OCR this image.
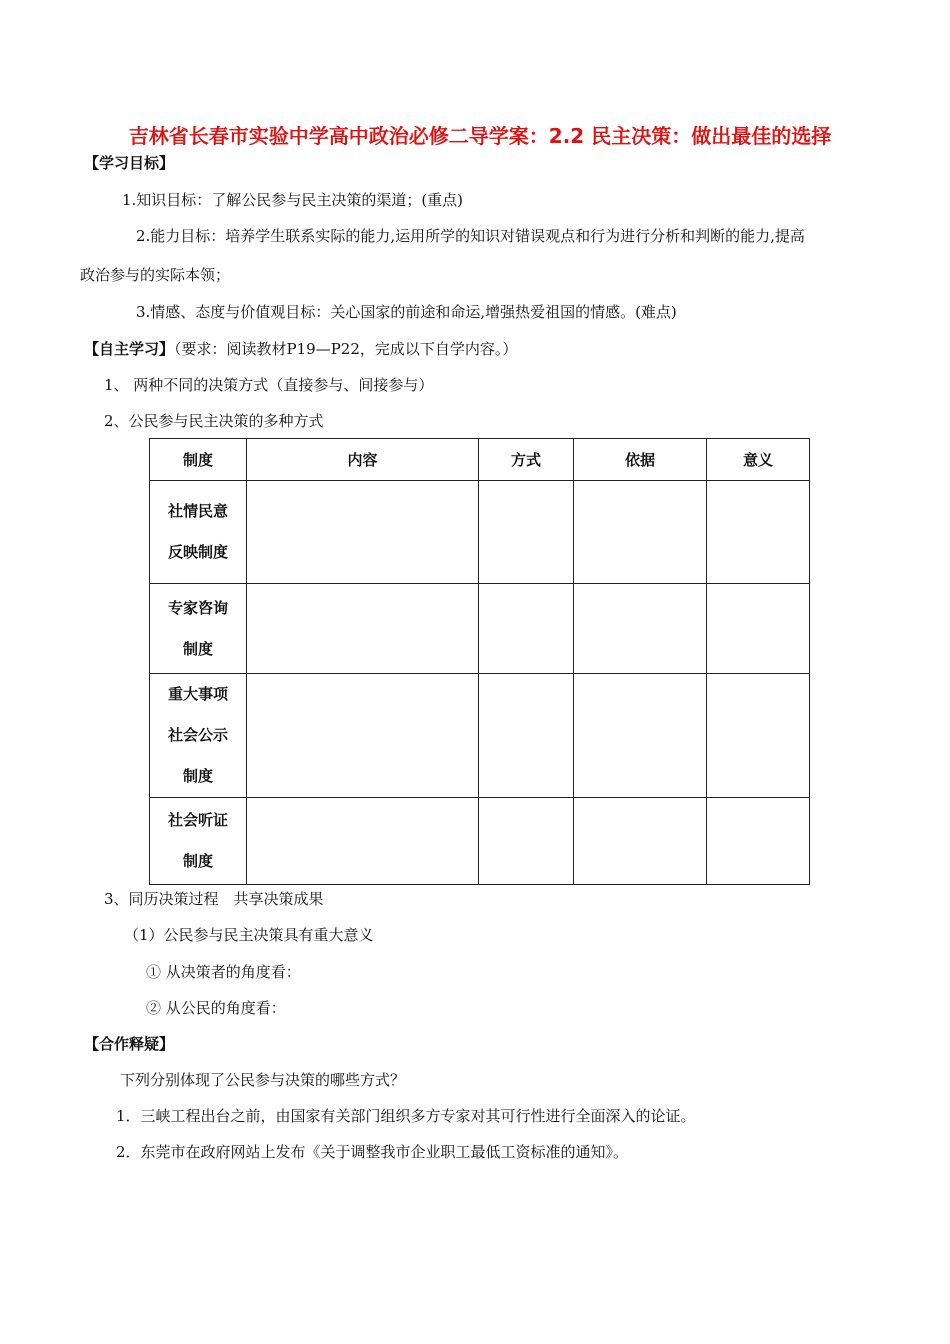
吉林省长春市实验中学高中政治必修二导学案：2.2 民主决策：做出最佳的选择
【学习目标】
1.知识目标：了解公民参与民主决策的渠道；(重点)
2.能力目标：培养学生联系实际的能力,运用所学的知识对错误观点和行为进行分析和判断的能力,提高
政治参与的实际本领；
3.情感、态度与价值观目标：关心国家的前途和命运,增强热爱祖国的情感。(难点)
【自主学习】（要求：阅读教材P19—P22，完成以下自学内容。）
1、 两种不同的决策方式（直接参与、间接参与）
2、公民参与民主决策的多种方式
制度	内容	方式	依据	意义

社情民意
反映制度				

专家咨询
制度				

重大事项
社会公示
制度				

社会听证
制度				

3、同历决策过程　共享决策成果
（1）公民参与民主决策具有重大意义
① 从决策者的角度看：
② 从公民的角度看：
【合作释疑】
下列分别体现了公民参与决策的哪些方式？
1．三峡工程出台之前，由国家有关部门组织多方专家对其可行性进行全面深入的论证。
2．东莞市在政府网站上发布《关于调整我市企业职工最低工资标准的通知》。
